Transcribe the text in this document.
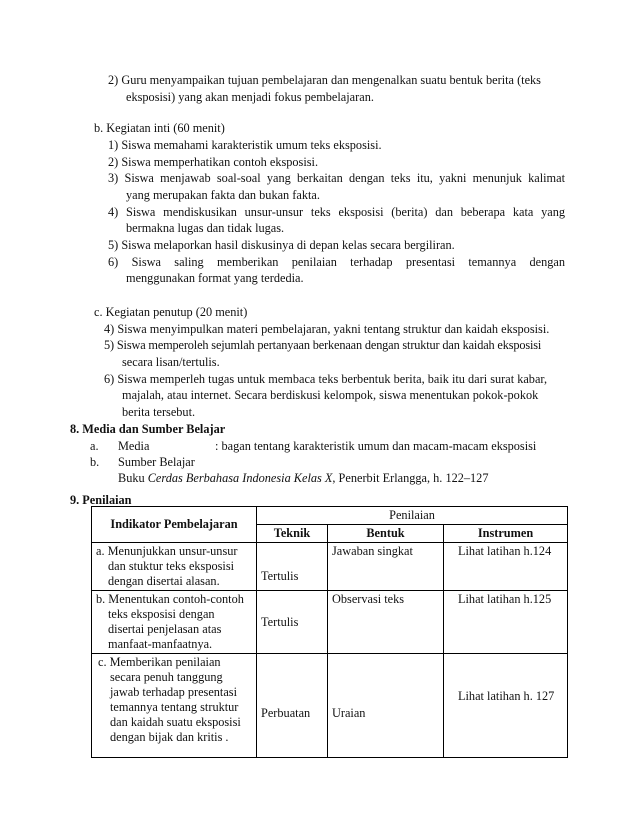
2) Guru menyampaikan tujuan pembelajaran dan mengenalkan suatu bentuk berita (teks
eksposisi) yang akan menjadi fokus pembelajaran.
b. Kegiatan inti (60 menit)
1) Siswa memahami karakteristik umum teks eksposisi.
2) Siswa memperhatikan contoh eksposisi.
3) Siswa menjawab soal-soal yang berkaitan dengan teks itu, yakni menunjuk kalimat
yang merupakan fakta dan bukan fakta.
4) Siswa mendiskusikan unsur-unsur teks eksposisi (berita) dan beberapa kata yang
bermakna lugas dan tidak lugas.
5) Siswa melaporkan hasil diskusinya di depan kelas secara bergiliran.
6) Siswa saling memberikan penilaian terhadap presentasi temannya dengan
menggunakan format yang terdedia.
c. Kegiatan penutup (20 menit)
4) Siswa menyimpulkan materi pembelajaran, yakni tentang struktur dan kaidah eksposisi.
5) Siswa memperoleh sejumlah pertanyaan berkenaan dengan struktur dan kaidah eksposisi
secara lisan/tertulis.
6) Siswa memperleh tugas untuk membaca teks berbentuk berita, baik itu dari surat kabar,
majalah, atau internet. Secara berdiskusi kelompok, siswa menentukan pokok-pokok
berita tersebut.
8. Media dan Sumber Belajar
a. Media	: bagan tentang karakteristik umum dan macam-macam eksposisi
b. Sumber Belajar
Buku Cerdas Berbahasa Indonesia Kelas X, Penerbit Erlangga, h. 122–127
9. Penilaian
Indikator Pembelajaran	Penilaian		
	Teknik	Bentuk	Instrumen

a. Menunjukkan unsur-unsur dan stuktur teks eksposisi dengan disertai alasan.	Tertulis	Jawaban singkat	Lihat latihan h.124

b. Menentukan contoh-contoh teks eksposisi dengan disertai penjelasan atas manfaat-manfaatnya.	Tertulis	Observasi teks	Lihat latihan h.125

c. Memberikan penilaian secara penuh tanggung jawab terhadap presentasi temannya tentang struktur dan kaidah suatu eksposisi dengan bijak dan kritis .	Perbuatan	Uraian	Lihat latihan h. 127
